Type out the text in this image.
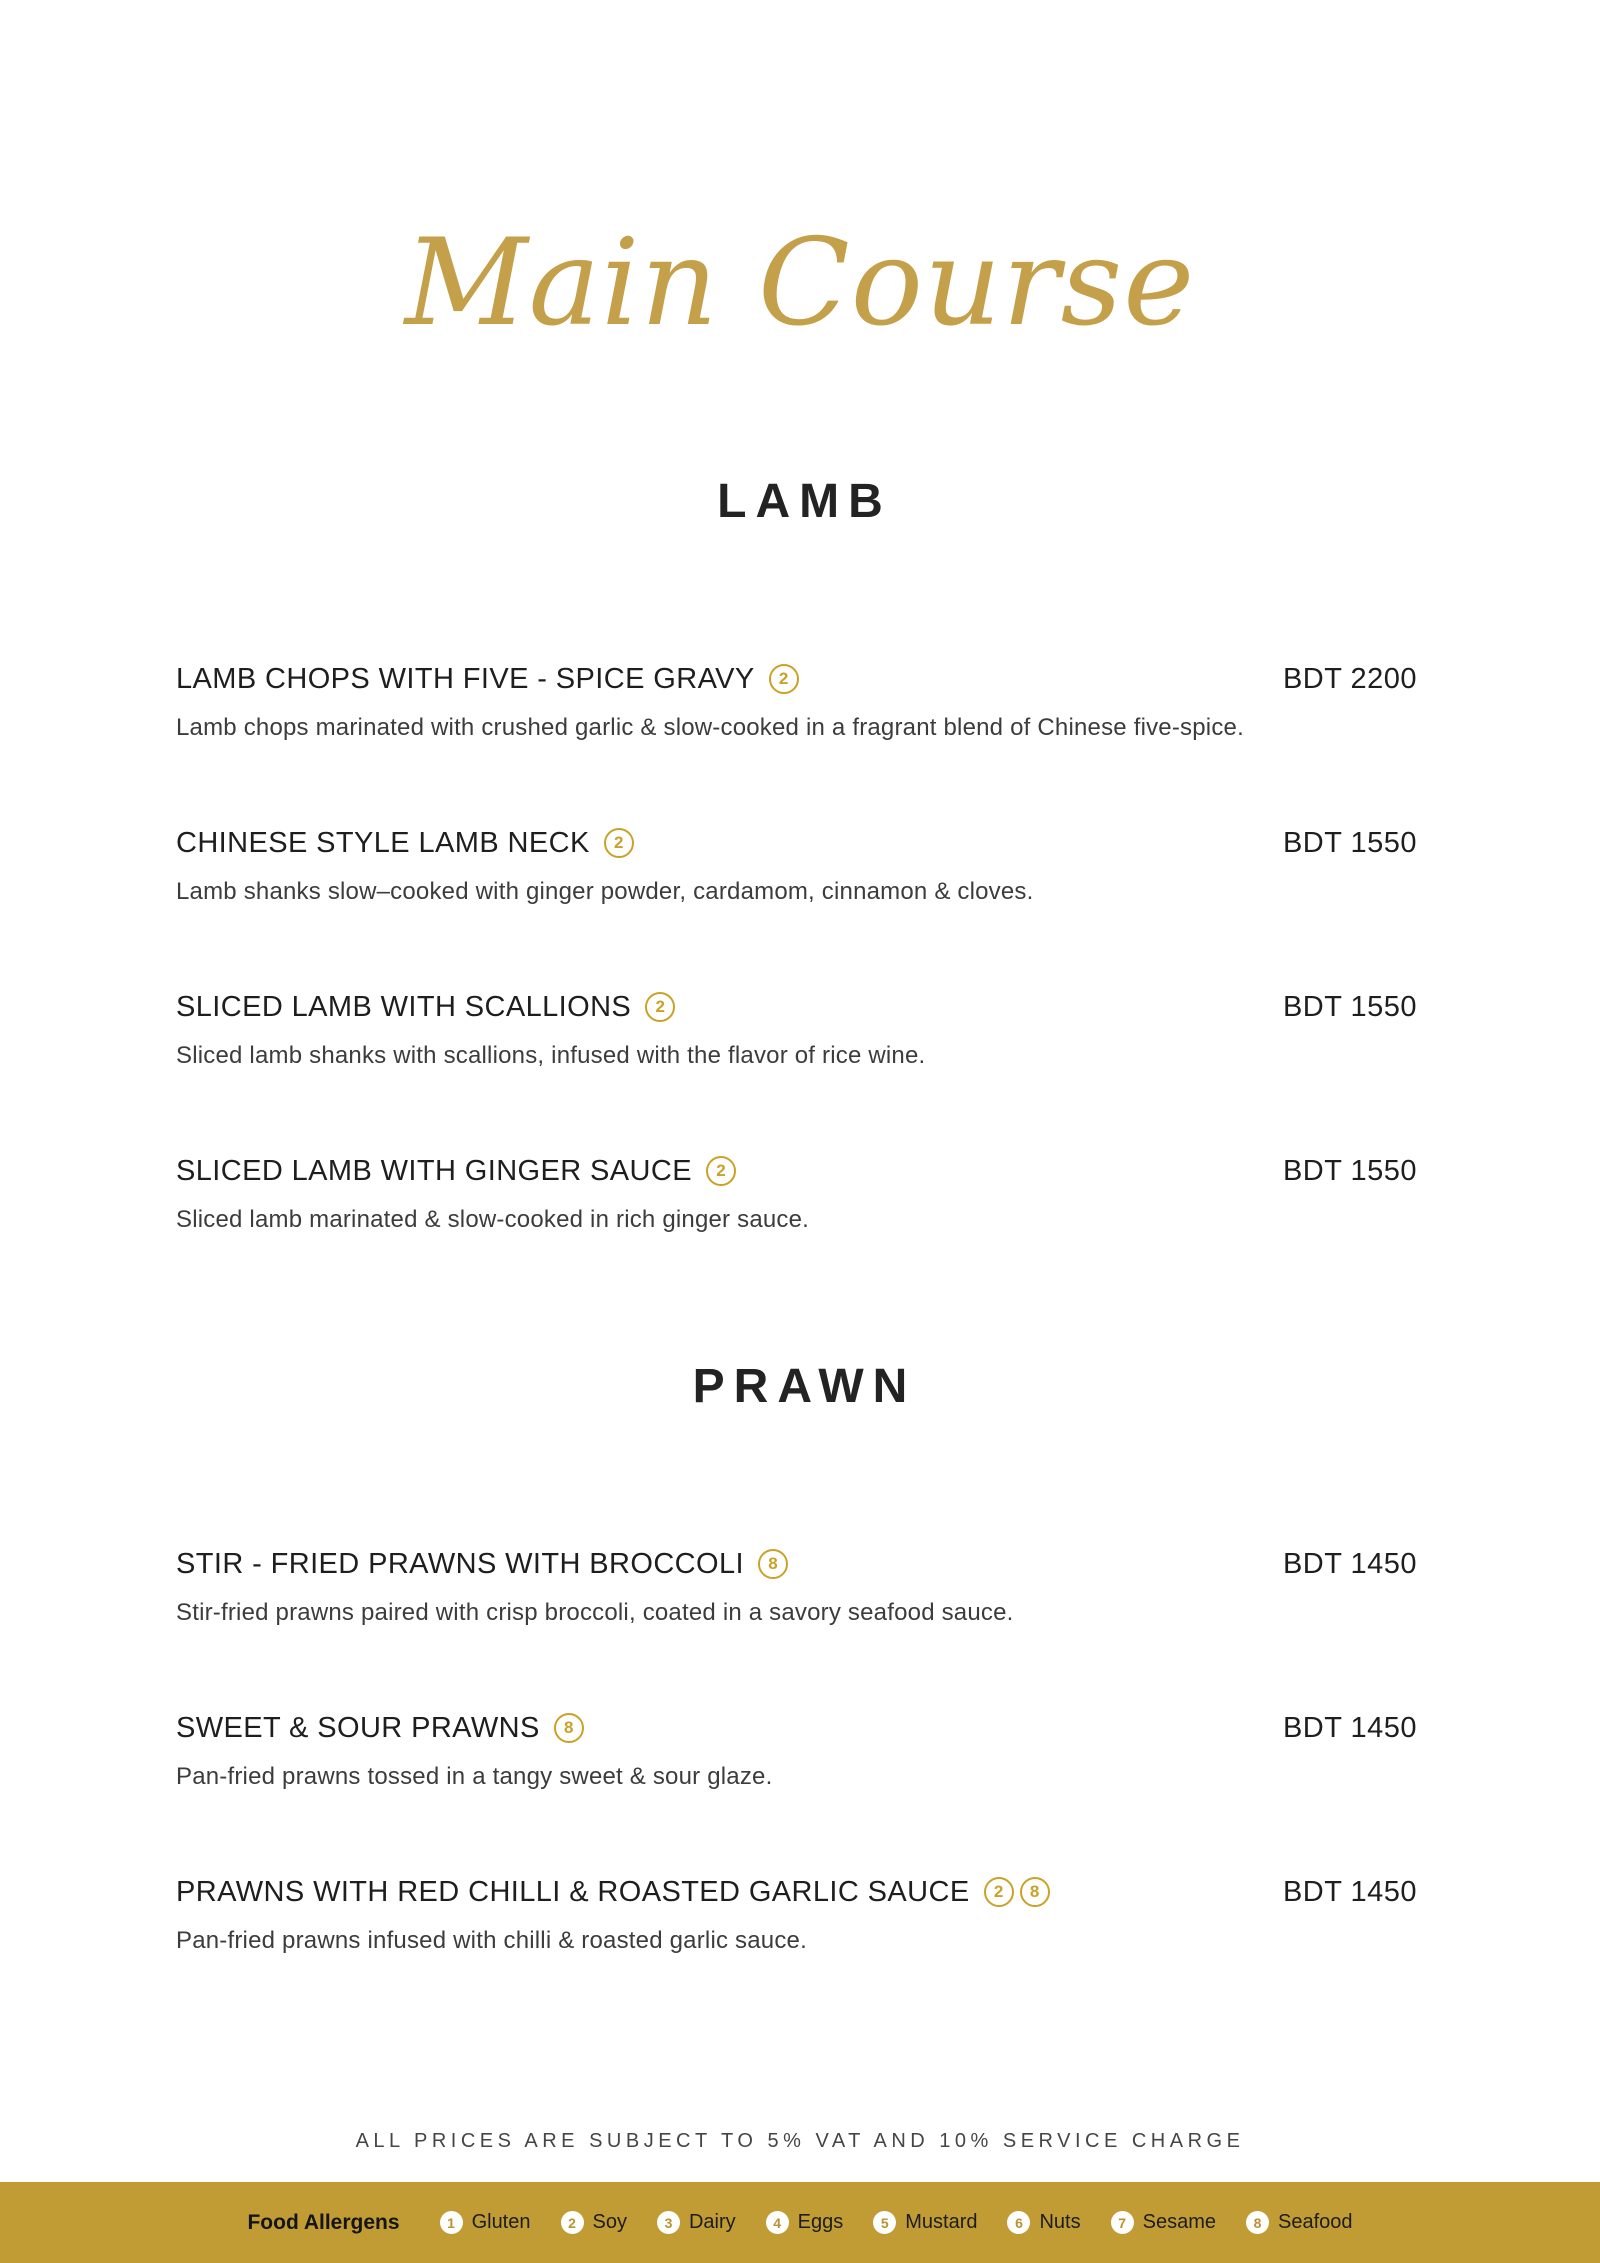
Main Course
LAMB
LAMB CHOPS WITH FIVE - SPICE GRAVY	2	BDT 2200

Lamb chops marinated with crushed garlic & slow-cooked in a fragrant blend of Chinese five-spice.

CHINESE STYLE LAMB NECK	2	BDT 1550

Lamb shanks slow–cooked with ginger powder, cardamom, cinnamon & cloves.

SLICED LAMB WITH SCALLIONS	2	BDT 1550

Sliced lamb shanks with scallions, infused with the flavor of rice wine.

SLICED LAMB WITH GINGER SAUCE	2	BDT 1550

Sliced lamb marinated & slow-cooked in rich ginger sauce.

PRAWN
STIR - FRIED PRAWNS WITH BROCCOLI	8	BDT 1450

Stir-fried prawns paired with crisp broccoli, coated in a savory seafood sauce.

SWEET & SOUR PRAWNS	8	BDT 1450

Pan-fried prawns tossed in a tangy sweet & sour glaze.

PRAWNS WITH RED CHILLI & ROASTED GARLIC SAUCE	2	8	BDT 1450

Pan-fried prawns infused with chilli & roasted garlic sauce.

ALL PRICES ARE SUBJECT TO 5% VAT AND 10% SERVICE CHARGE

Food Allergens	1 Gluten	2 Soy	3 Dairy	4 Eggs	5 Mustard	6 Nuts	7 Sesame	8 Seafood
